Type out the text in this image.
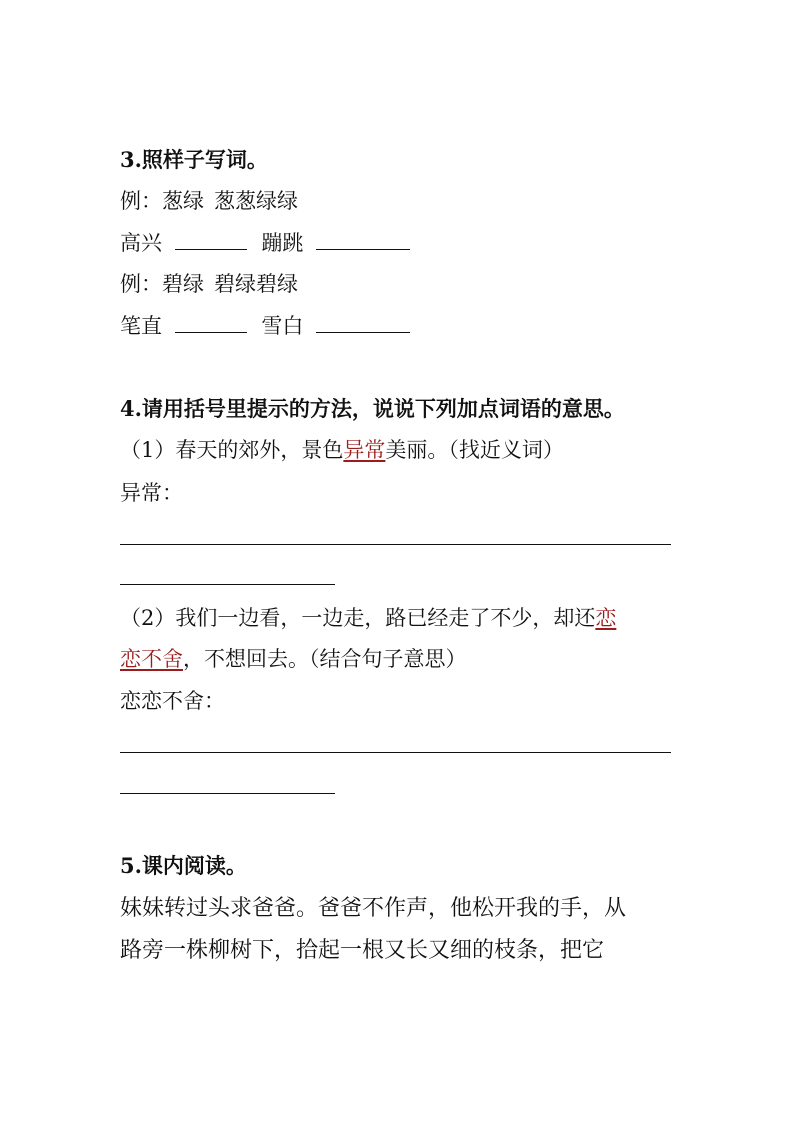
3.照样子写词。
例：葱绿 葱葱绿绿
高兴	蹦跳
例：碧绿 碧绿碧绿
笔直	雪白
4.请用括号里提示的方法，说说下列加点词语的意思。
（1）春天的郊外，景色异常美丽。（找近义词）
异常：
（2）我们一边看，一边走，路已经走了不少，却还恋
恋不舍，不想回去。（结合句子意思）
恋恋不舍：
5.课内阅读。
妹妹转过头求爸爸。爸爸不作声，他松开我的手，从
路旁一株柳树下，拾起一根又长又细的枝条，把它
